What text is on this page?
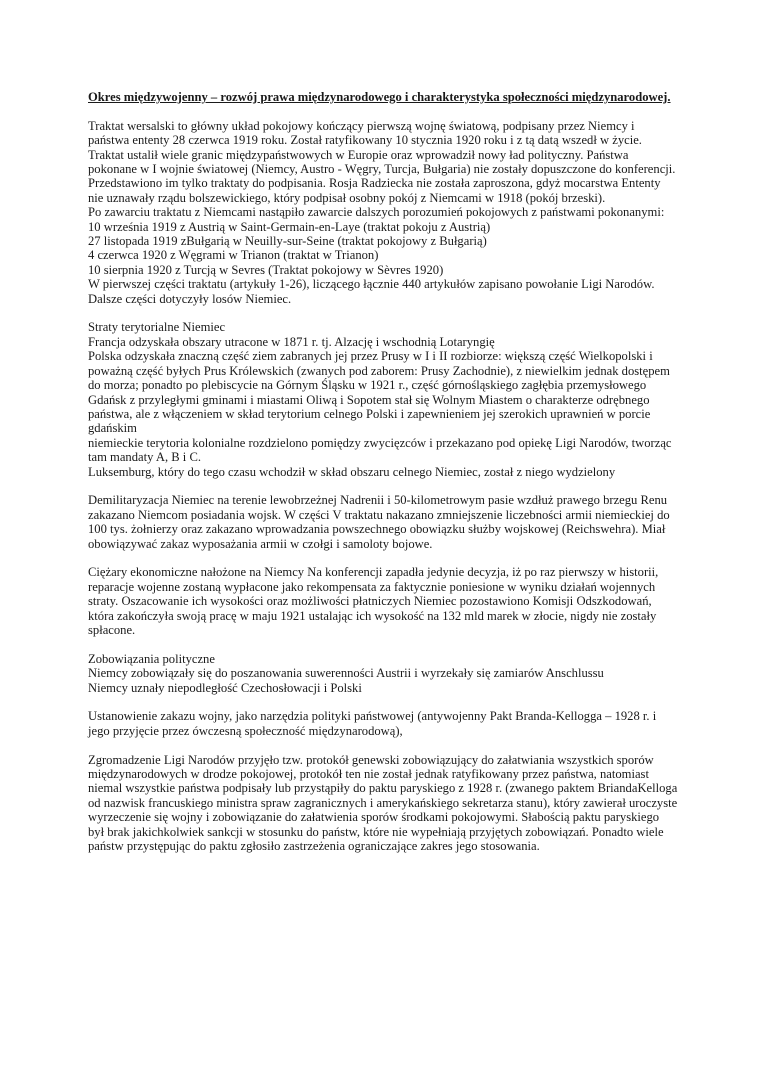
Okres międzywojenny – rozwój prawa międzynarodowego i charakterystyka społeczności międzynarodowej.

Traktat wersalski to główny układ pokojowy kończący pierwszą wojnę światową, podpisany przez Niemcy i państwa ententy 28 czerwca 1919 roku. Został ratyfikowany 10 stycznia 1920 roku i z tą datą wszedł w życie. Traktat ustalił wiele granic międzypaństwowych w Europie oraz wprowadził nowy ład polityczny. Państwa pokonane w I wojnie światowej (Niemcy, Austro - Węgry, Turcja, Bułgaria) nie zostały dopuszczone do konferencji. Przedstawiono im tylko traktaty do podpisania. Rosja Radziecka nie została zaproszona, gdyż mocarstwa Ententy nie uznawały rządu bolszewickiego, który podpisał osobny pokój z Niemcami w 1918 (pokój brzeski).

Po zawarciu traktatu z Niemcami nastąpiło zawarcie dalszych porozumień pokojowych z państwami pokonanymi:

10 września 1919 z Austrią w Saint-Germain-en-Laye (traktat pokoju z Austrią)
27 listopada 1919 zBułgarią w Neuilly-sur-Seine (traktat pokojowy z Bułgarią)
4 czerwca 1920 z Węgrami w Trianon (traktat w Trianon)
10 sierpnia 1920 z Turcją w Sevres (Traktat pokojowy w Sèvres 1920)

W pierwszej części traktatu (artykuły 1-26), liczącego łącznie 440 artykułów zapisano powołanie Ligi Narodów. Dalsze części dotyczyły losów Niemiec.

Straty terytorialne Niemiec

Francja odzyskała obszary utracone w 1871 r. tj. Alzację i wschodnią Lotaryngię

Polska odzyskała znaczną część ziem zabranych jej przez Prusy w I i II rozbiorze: większą część Wielkopolski i poważną część byłych Prus Królewskich (zwanych pod zaborem: Prusy Zachodnie), z niewielkim jednak dostępem do morza; ponadto po plebiscycie na Górnym Śląsku w 1921 r., część górnośląskiego zagłębia przemysłowego

Gdańsk z przyległymi gminami i miastami Oliwą i Sopotem stał się Wolnym Miastem o charakterze odrębnego państwa, ale z włączeniem w skład terytorium celnego Polski i zapewnieniem jej szerokich uprawnień w porcie gdańskim

niemieckie terytoria kolonialne rozdzielono pomiędzy zwycięzców i przekazano pod opiekę Ligi Narodów, tworząc tam mandaty A, B i C.

Luksemburg, który do tego czasu wchodził w skład obszaru celnego Niemiec, został z niego wydzielony

Demilitaryzacja Niemiec na terenie lewobrzeżnej Nadrenii i 50-kilometrowym pasie wzdłuż prawego brzegu Renu zakazano Niemcom posiadania wojsk. W części V traktatu nakazano zmniejszenie liczebności armii niemieckiej do 100 tys. żołnierzy oraz zakazano wprowadzania powszechnego obowiązku służby wojskowej (Reichswehra). Miał obowiązywać zakaz wyposażania armii w czołgi i samoloty bojowe.

Ciężary ekonomiczne nałożone na Niemcy Na konferencji zapadła jedynie decyzja, iż po raz pierwszy w historii, reparacje wojenne zostaną wypłacone jako rekompensata za faktycznie poniesione w wyniku działań wojennych straty. Oszacowanie ich wysokości oraz możliwości płatniczych Niemiec pozostawiono Komisji Odszkodowań, która zakończyła swoją pracę w maju 1921 ustalając ich wysokość na 132 mld marek w złocie, nigdy nie zostały spłacone.

Zobowiązania polityczne

Niemcy zobowiązały się do poszanowania suwerenności Austrii i wyrzekały się zamiarów Anschlussu

Niemcy uznały niepodległość Czechosłowacji i Polski

Ustanowienie zakazu wojny, jako narzędzia polityki państwowej (antywojenny Pakt Branda-Kellogga – 1928 r. i jego przyjęcie przez ówczesną społeczność międzynarodową),

Zgromadzenie Ligi Narodów przyjęło tzw. protokół genewski zobowiązujący do załatwiania wszystkich sporów międzynarodowych w drodze pokojowej, protokół ten nie został jednak ratyfikowany przez państwa, natomiast niemal wszystkie państwa podpisały lub przystąpiły do paktu paryskiego z 1928 r. (zwanego paktem BriandaKelloga od nazwisk francuskiego ministra spraw zagranicznych i amerykańskiego sekretarza stanu), który zawierał uroczyste wyrzeczenie się wojny i zobowiązanie do załatwienia sporów środkami pokojowymi. Słabością paktu paryskiego był brak jakichkolwiek sankcji w stosunku do państw, które nie wypełniają przyjętych zobowiązań. Ponadto wiele państw przystępując do paktu zgłosiło zastrzeżenia ograniczające zakres jego stosowania.
